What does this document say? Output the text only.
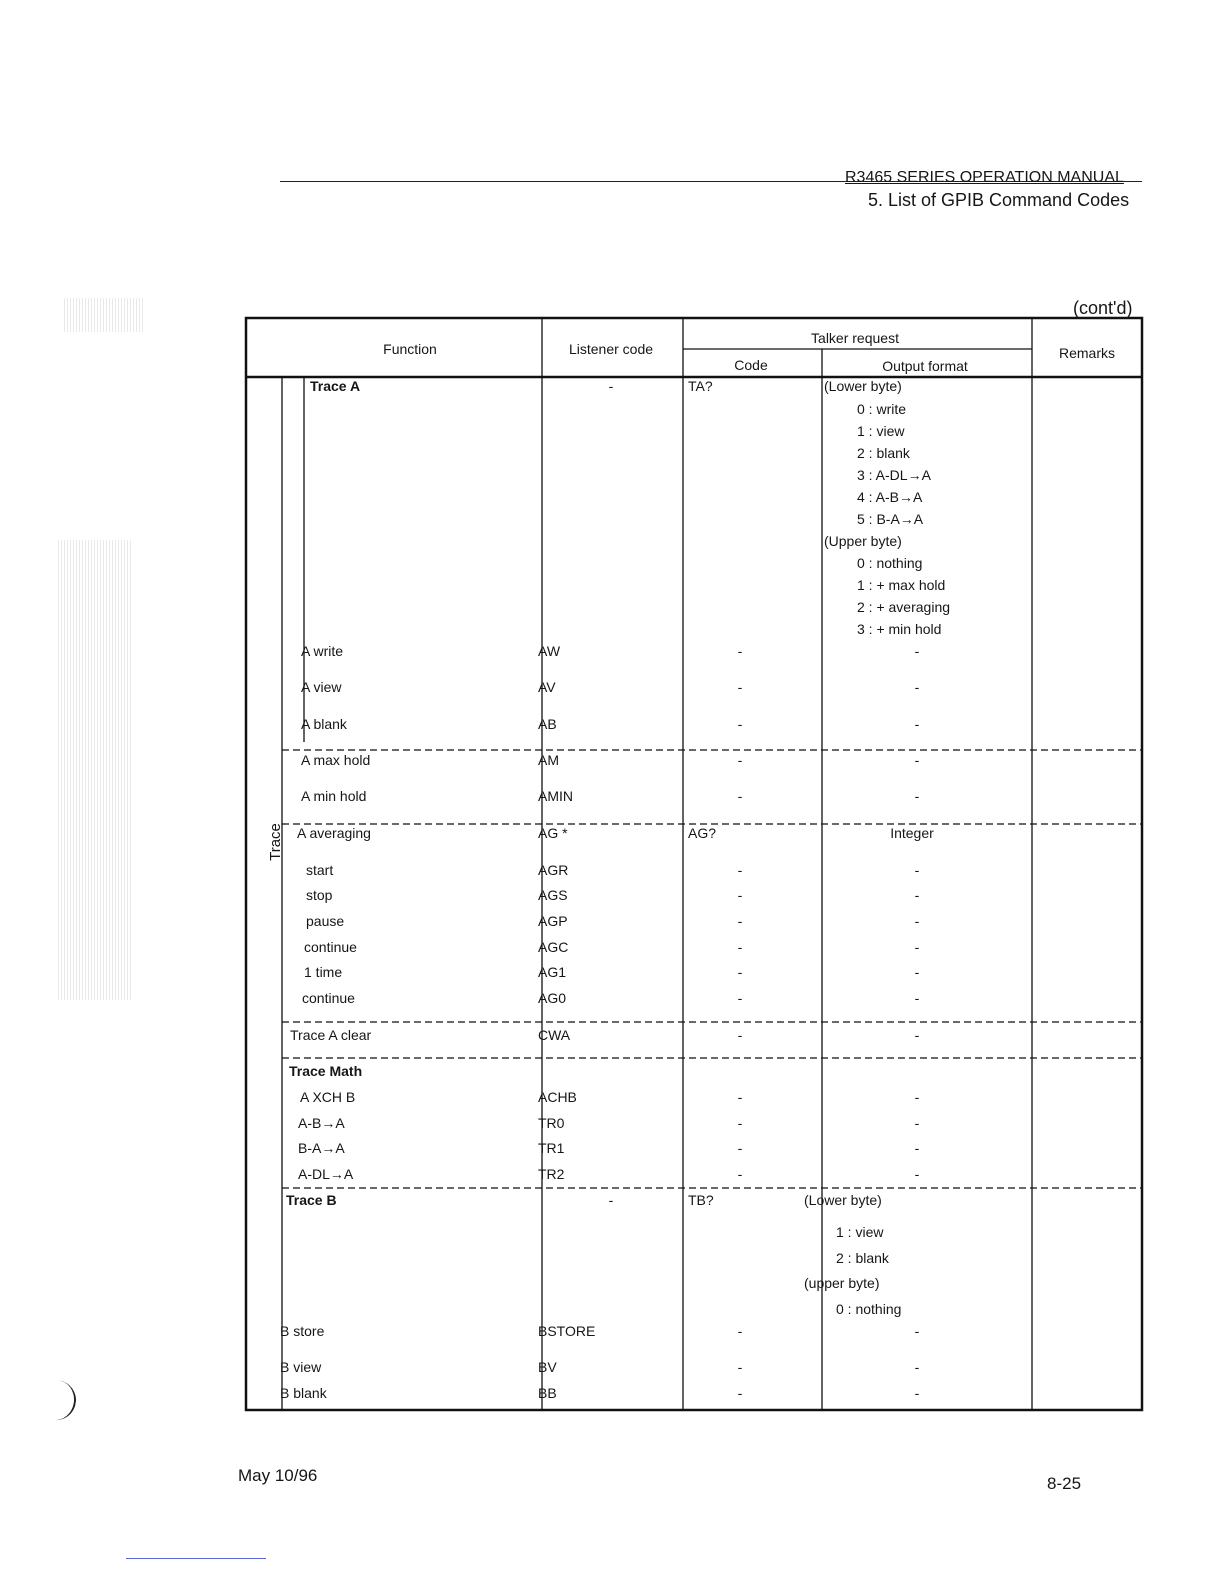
R3465 SERIES OPERATION MANUAL
5. List of GPIB Command Codes
(cont'd)
Function	Listener code
Talker request
Code	Output format
Remarks
Trace
Trace A	-	TA?	(Lower byte)
0 : write
1 : view
2 : blank
3 : A-DL→A
4 : A-B→A
5 : B-A→A
(Upper byte)
0 : nothing
1 : + max hold
2 : + averaging
3 : + min hold
A write	AW	-	-
A view	AV	-	-
A blank	AB	-	-
A max hold	AM	-	-
A min hold	AMIN	-	-
A averaging	AG *	AG?	Integer
start	AGR	-	-
stop	AGS	-	-
pause	AGP	-	-
continue	AGC	-	-
1 time	AG1	-	-
continue	AG0	-	-
Trace A clear	CWA	-	-
Trace Math
A XCH B	ACHB	-	-
A-B→A	TR0	-	-
B-A→A	TR1	-	-
A-DL→A	TR2	-	-
Trace B	-	TB?	(Lower byte)
1 : view
2 : blank
(upper byte)
0 : nothing
B store	BSTORE	-	-
B view	BV	-	-
B blank	BB	-	-
May 10/96	8-25
